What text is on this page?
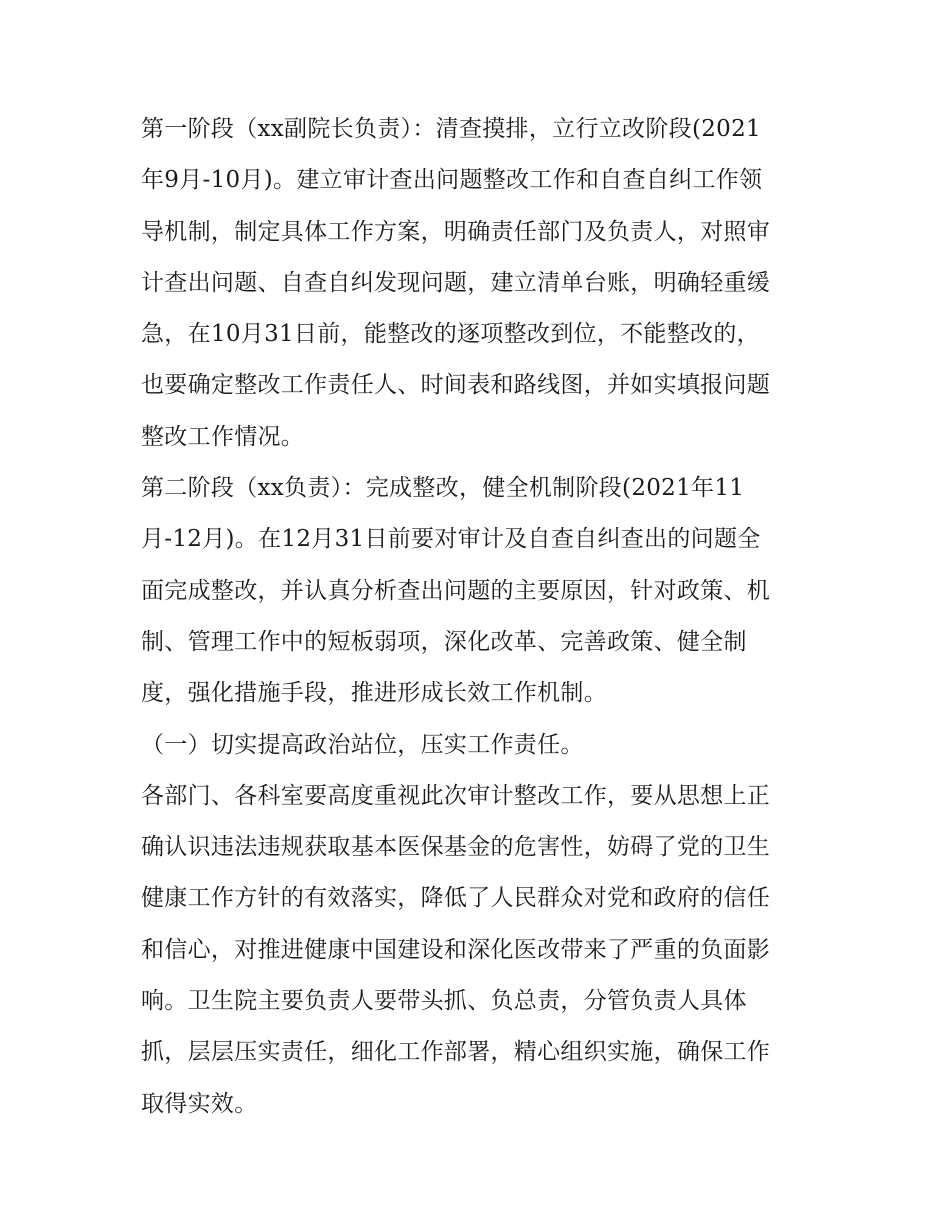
第一阶段（xx副院长负责）：清查摸排，立行立改阶段(2021
年9月-10月)。建立审计查出问题整改工作和自查自纠工作领
导机制，制定具体工作方案，明确责任部门及负责人，对照审
计查出问题、自查自纠发现问题，建立清单台账，明确轻重缓
急，在10月31日前，能整改的逐项整改到位，不能整改的，
也要确定整改工作责任人、时间表和路线图，并如实填报问题
整改工作情况。
第二阶段（xx负责）：完成整改，健全机制阶段(2021年11
月-12月)。在12月31日前要对审计及自查自纠查出的问题全
面完成整改，并认真分析查出问题的主要原因，针对政策、机
制、管理工作中的短板弱项，深化改革、完善政策、健全制
度，强化措施手段，推进形成长效工作机制。
（一）切实提高政治站位，压实工作责任。
各部门、各科室要高度重视此次审计整改工作，要从思想上正
确认识违法违规获取基本医保基金的危害性，妨碍了党的卫生
健康工作方针的有效落实，降低了人民群众对党和政府的信任
和信心，对推进健康中国建设和深化医改带来了严重的负面影
响。卫生院主要负责人要带头抓、负总责，分管负责人具体
抓，层层压实责任，细化工作部署，精心组织实施，确保工作
取得实效。
